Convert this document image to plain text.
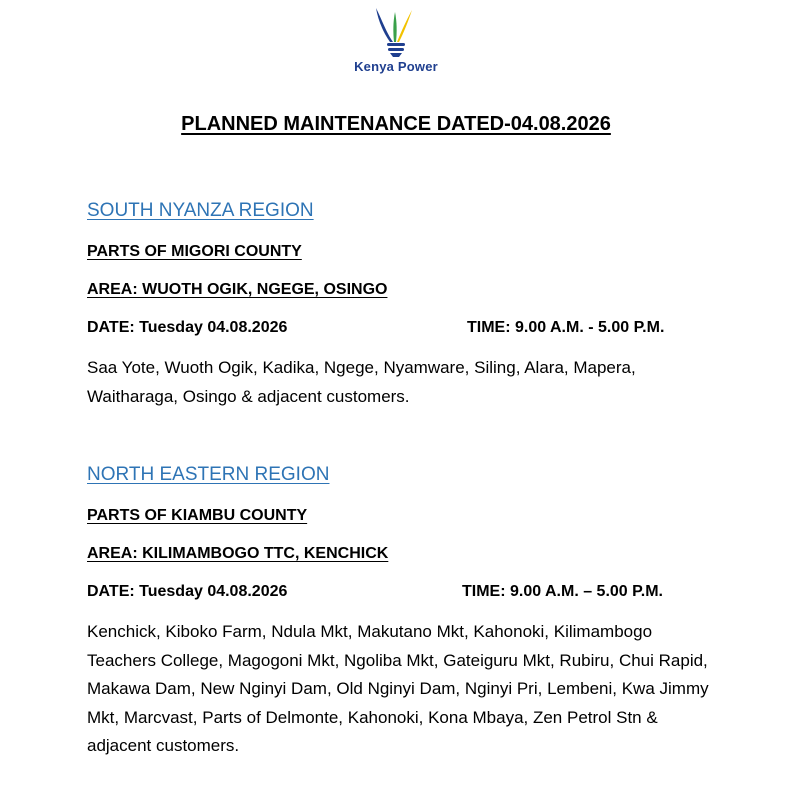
Kenya Power
PLANNED MAINTENANCE DATED-04.08.2026
SOUTH NYANZA REGION
PARTS OF MIGORI COUNTY
AREA: WUOTH OGIK, NGEGE, OSINGO
DATE: Tuesday 04.08.2026	TIME: 9.00 A.M. - 5.00 P.M.
Saa Yote, Wuoth Ogik, Kadika, Ngege, Nyamware, Siling, Alara, Mapera, Waitharaga, Osingo & adjacent customers.
NORTH EASTERN REGION
PARTS OF KIAMBU COUNTY
AREA: KILIMAMBOGO TTC, KENCHICK
DATE: Tuesday 04.08.2026	TIME: 9.00 A.M. – 5.00 P.M.
Kenchick, Kiboko Farm, Ndula Mkt, Makutano Mkt, Kahonoki, Kilimambogo Teachers College, Magogoni Mkt, Ngoliba Mkt, Gateiguru Mkt, Rubiru, Chui Rapid, Makawa Dam, New Nginyi Dam, Old Nginyi Dam, Nginyi Pri, Lembeni, Kwa Jimmy Mkt, Marcvast, Parts of Delmonte, Kahonoki, Kona Mbaya, Zen Petrol Stn & adjacent customers.
